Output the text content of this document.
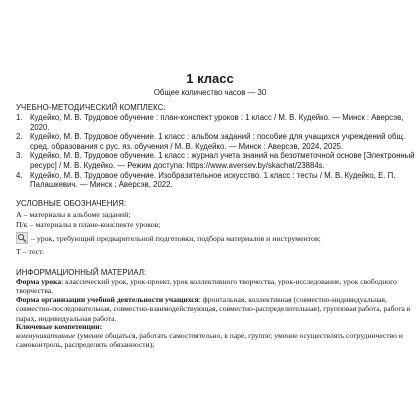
1 класс
Общее количество часов — 30
УЧЕБНО-МЕТОДИЧЕСКИЙ КОМПЛЕКС:
1. Кудейко, М. В. Трудовое обучение : план-конспект уроков : 1 класс / М. В. Кудейко. — Минск : Аверсэв, 2020.
2. Кудейко, М. В. Трудовое обучение. 1 класс : альбом заданий : пособие для учащихся учреждений общ. сред. образования с рус. яз. обучения / М. В. Кудейко. — Минск : Аверсэв, 2024, 2025.
3. Кудейко, М. В. Трудовое обучение. 1 класс : журнал учета знаний на безотметочной основе [Электронный ресурс] / М. В. Кудейко. — Режим доступа: https://www.aversev.by/skachat/23884s.
4. Кудейко, М. В. Трудовое обучение. Изобразительное искусство. 1 класс : тесты / М. В. Кудейко, Е. П. Палашкевич. — Минск : Аверсэв, 2022.
УСЛОВНЫЕ ОБОЗНАЧЕНИЯ:
А – материалы в альбоме заданий;
П/к – материалы в плане-конспекте уроков;
– урок, требующий предварительной подготовки, подбора материалов и инструментов;
Т – тест.
ИНФОРМАЦИОННЫЙ МАТЕРИАЛ:
Форма урока: классический урок, урок-проект, урок коллективного творчества, урок-исследование, урок свободного творчества.
Форма организации учебной деятельности учащихся: фронтальная, коллективная (совместно-индивидуальная, совместно-последовательная, совместно-взаимодействующая, совместно-распределительная), групповая работа, работа в парах, индивидуальная работа.
Ключевые компетенции:
коммуникативные (умение общаться, работать самостоятельно, в паре, группе; умение осуществлять сотрудничество и самоконтроль, распределять обязанности);
